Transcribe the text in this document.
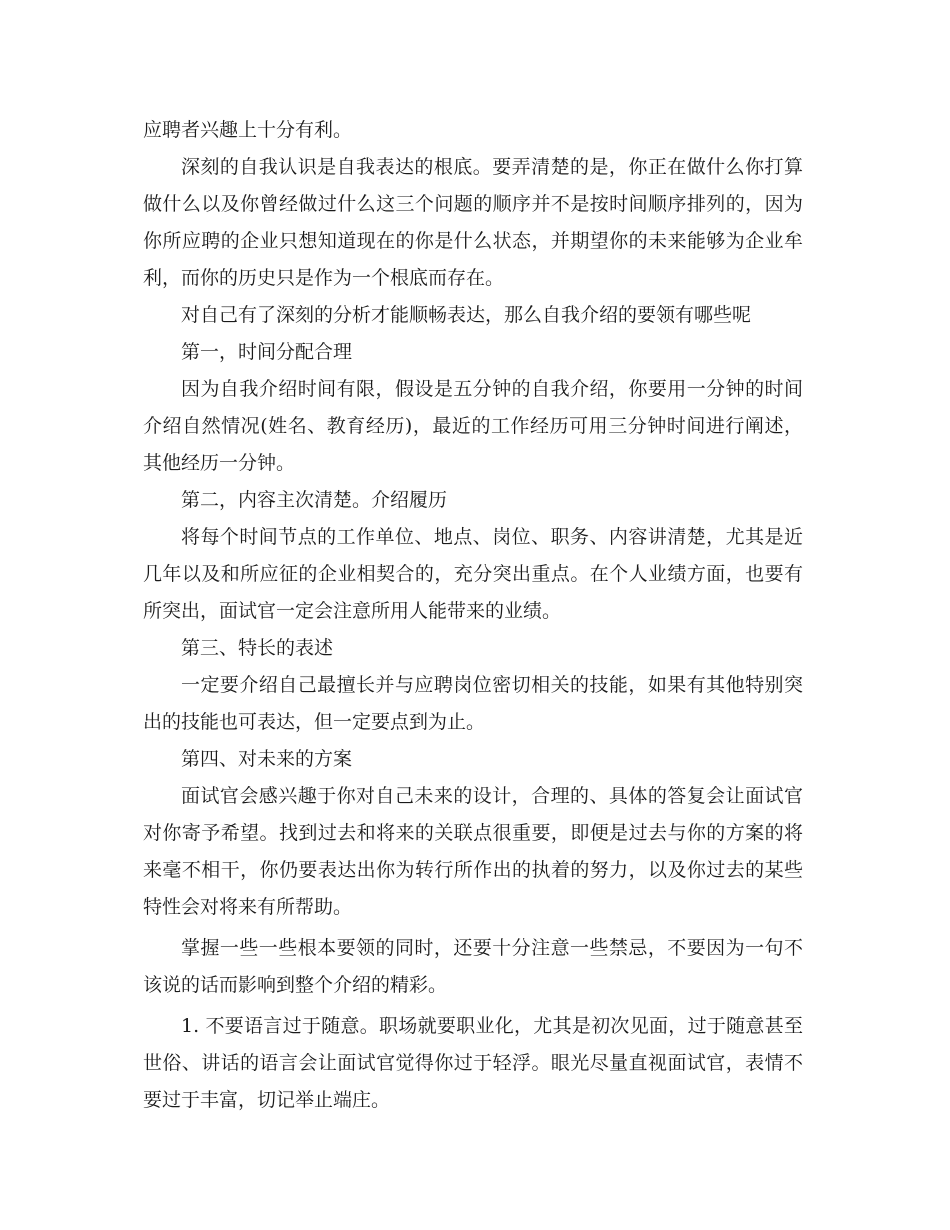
应聘者兴趣上十分有利。

深刻的自我认识是自我表达的根底。要弄清楚的是，你正在做什么你打算做什么以及你曾经做过什么这三个问题的顺序并不是按时间顺序排列的，因为你所应聘的企业只想知道现在的你是什么状态，并期望你的未来能够为企业牟利，而你的历史只是作为一个根底而存在。

对自己有了深刻的分析才能顺畅表达，那么自我介绍的要领有哪些呢

第一，时间分配合理

因为自我介绍时间有限，假设是五分钟的自我介绍，你要用一分钟的时间介绍自然情况(姓名、教育经历)，最近的工作经历可用三分钟时间进行阐述，其他经历一分钟。

第二，内容主次清楚。介绍履历

将每个时间节点的工作单位、地点、岗位、职务、内容讲清楚，尤其是近几年以及和所应征的企业相契合的，充分突出重点。在个人业绩方面，也要有所突出，面试官一定会注意所用人能带来的业绩。

第三、特长的表述

一定要介绍自己最擅长并与应聘岗位密切相关的技能，如果有其他特别突出的技能也可表达，但一定要点到为止。

第四、对未来的方案

面试官会感兴趣于你对自己未来的设计，合理的、具体的答复会让面试官对你寄予希望。找到过去和将来的关联点很重要，即便是过去与你的方案的将来毫不相干，你仍要表达出你为转行所作出的执着的努力，以及你过去的某些特性会对将来有所帮助。

掌握一些一些根本要领的同时，还要十分注意一些禁忌，不要因为一句不该说的话而影响到整个介绍的精彩。

1. 不要语言过于随意。职场就要职业化，尤其是初次见面，过于随意甚至世俗、讲话的语言会让面试官觉得你过于轻浮。眼光尽量直视面试官，表情不要过于丰富，切记举止端庄。
